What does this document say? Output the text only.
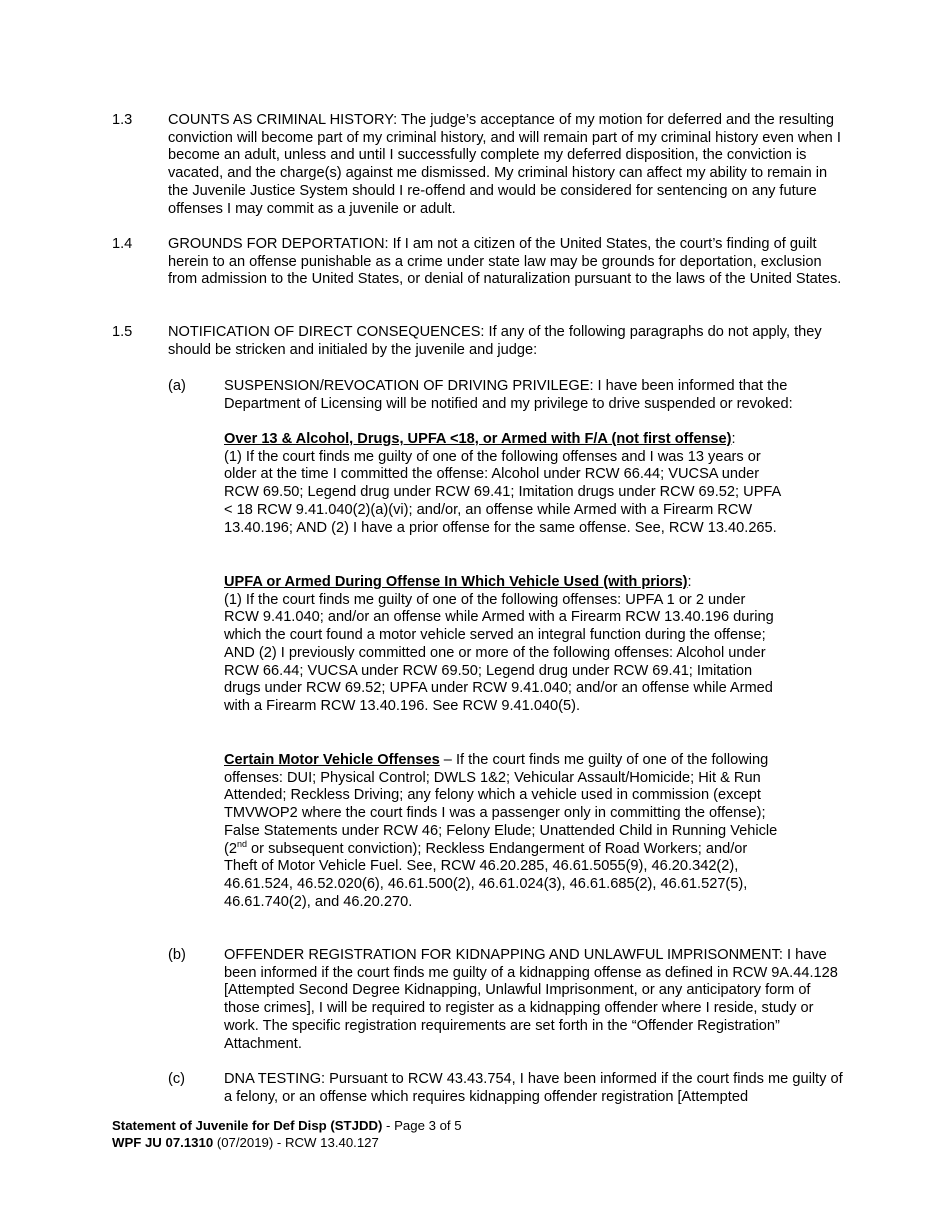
1.3	COUNTS AS CRIMINAL HISTORY: The judge’s acceptance of my motion for deferred and the resulting conviction will become part of my criminal history, and will remain part of my criminal history even when I become an adult, unless and until I successfully complete my deferred disposition, the conviction is vacated, and the charge(s) against me dismissed. My criminal history can affect my ability to remain in the Juvenile Justice System should I re-offend and would be considered for sentencing on any future offenses I may commit as a juvenile or adult.
1.4	GROUNDS FOR DEPORTATION: If I am not a citizen of the United States, the court’s finding of guilt herein to an offense punishable as a crime under state law may be grounds for deportation, exclusion from admission to the United States, or denial of naturalization pursuant to the laws of the United States.
1.5	NOTIFICATION OF DIRECT CONSEQUENCES: If any of the following paragraphs do not apply, they should be stricken and initialed by the juvenile and judge:
(a)	SUSPENSION/REVOCATION OF DRIVING PRIVILEGE: I have been informed that the Department of Licensing will be notified and my privilege to drive suspended or revoked:
Over 13 & Alcohol, Drugs, UPFA <18, or Armed with F/A (not first offense):
(1) If the court finds me guilty of one of the following offenses and I was 13 years or older at the time I committed the offense: Alcohol under RCW 66.44; VUCSA under RCW 69.50; Legend drug under RCW 69.41; Imitation drugs under RCW 69.52; UPFA < 18 RCW 9.41.040(2)(a)(vi); and/or, an offense while Armed with a Firearm RCW 13.40.196; AND (2) I have a prior offense for the same offense. See, RCW 13.40.265.
UPFA or Armed During Offense In Which Vehicle Used (with priors):
(1) If the court finds me guilty of one of the following offenses: UPFA 1 or 2 under RCW 9.41.040; and/or an offense while Armed with a Firearm RCW 13.40.196 during which the court found a motor vehicle served an integral function during the offense; AND (2) I previously committed one or more of the following offenses: Alcohol under RCW 66.44; VUCSA under RCW 69.50; Legend drug under RCW 69.41; Imitation drugs under RCW 69.52; UPFA under RCW 9.41.040; and/or an offense while Armed with a Firearm RCW 13.40.196. See RCW 9.41.040(5).
Certain Motor Vehicle Offenses – If the court finds me guilty of one of the following offenses: DUI; Physical Control; DWLS 1&2; Vehicular Assault/Homicide; Hit & Run Attended; Reckless Driving; any felony which a vehicle used in commission (except TMVWOP2 where the court finds I was a passenger only in committing the offense); False Statements under RCW 46; Felony Elude; Unattended Child in Running Vehicle (2nd or subsequent conviction); Reckless Endangerment of Road Workers; and/or Theft of Motor Vehicle Fuel. See, RCW 46.20.285, 46.61.5055(9), 46.20.342(2), 46.61.524, 46.52.020(6), 46.61.500(2), 46.61.024(3), 46.61.685(2), 46.61.527(5), 46.61.740(2), and 46.20.270.
(b)	OFFENDER REGISTRATION FOR KIDNAPPING AND UNLAWFUL IMPRISONMENT: I have been informed if the court finds me guilty of a kidnapping offense as defined in RCW 9A.44.128 [Attempted Second Degree Kidnapping, Unlawful Imprisonment, or any anticipatory form of those crimes], I will be required to register as a kidnapping offender where I reside, study or work. The specific registration requirements are set forth in the “Offender Registration” Attachment.
(c)	DNA TESTING: Pursuant to RCW 43.43.754, I have been informed if the court finds me guilty of a felony, or an offense which requires kidnapping offender registration [Attempted
Statement of Juvenile for Def Disp (STJDD) - Page 3 of 5
WPF JU 07.1310 (07/2019) - RCW 13.40.127
